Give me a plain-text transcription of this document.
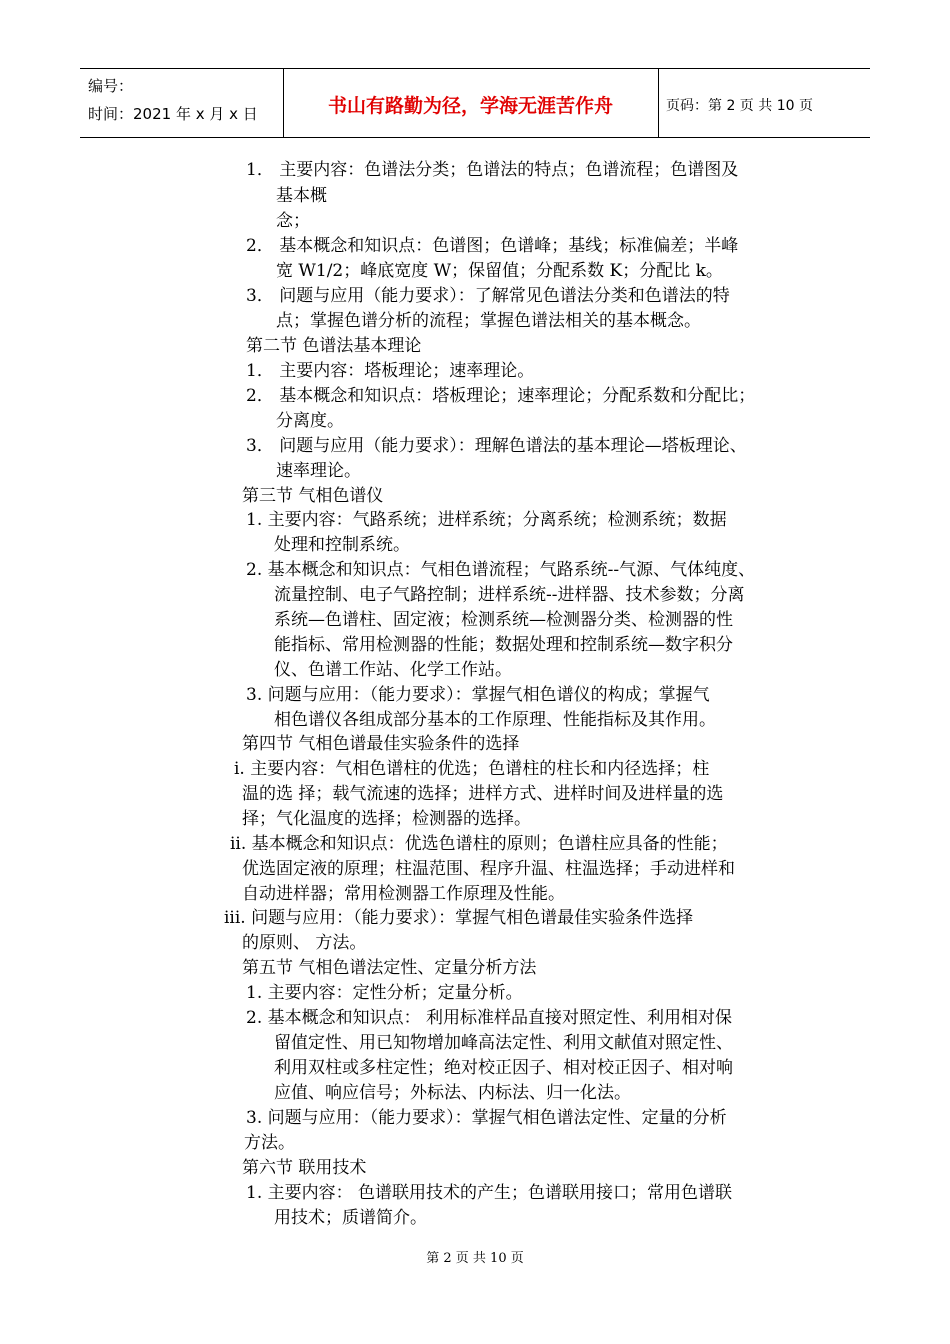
编号：
时间：2021 年 x 月 x 日	书山有路勤为径，学海无涯苦作舟	页码：第 2 页 共 10 页
1． 主要内容：色谱法分类；色谱法的特点；色谱流程；色谱图及
基本概
念；
2． 基本概念和知识点：色谱图；色谱峰；基线；标准偏差；半峰
宽 W1/2；峰底宽度 W；保留值；分配系数 K；分配比 k。
3． 问题与应用（能力要求）：了解常见色谱法分类和色谱法的特
点；掌握色谱分析的流程；掌握色谱法相关的基本概念。
第二节 色谱法基本理论
1． 主要内容：塔板理论；速率理论。
2． 基本概念和知识点：塔板理论；速率理论；分配系数和分配比；
分离度。
3． 问题与应用（能力要求）：理解色谱法的基本理论—塔板理论、
速率理论。
第三节 气相色谱仪
1. 主要内容：气路系统；进样系统；分离系统；检测系统；数据
处理和控制系统。
2. 基本概念和知识点：气相色谱流程；气路系统--气源、气体纯度、
流量控制、电子气路控制；进样系统--进样器、技术参数；分离
系统—色谱柱、固定液；检测系统—检测器分类、检测器的性
能指标、常用检测器的性能；数据处理和控制系统—数字积分
仪、色谱工作站、化学工作站。
3. 问题与应用：（能力要求）：掌握气相色谱仪的构成；掌握气
相色谱仪各组成部分基本的工作原理、性能指标及其作用。
第四节 气相色谱最佳实验条件的选择
i. 主要内容：气相色谱柱的优选；色谱柱的柱长和内径选择；柱
温的选 择；载气流速的选择；进样方式、进样时间及进样量的选
择；气化温度的选择；检测器的选择。
ii. 基本概念和知识点：优选色谱柱的原则；色谱柱应具备的性能；
优选固定液的原理；柱温范围、程序升温、柱温选择；手动进样和
自动进样器；常用检测器工作原理及性能。
iii. 问题与应用：（能力要求）：掌握气相色谱最佳实验条件选择
的原则、 方法。
第五节 气相色谱法定性、定量分析方法
1. 主要内容：定性分析；定量分析。
2. 基本概念和知识点： 利用标准样品直接对照定性、利用相对保
留值定性、用已知物增加峰高法定性、利用文献值对照定性、
利用双柱或多柱定性；绝对校正因子、相对校正因子、相对响
应值、响应信号；外标法、内标法、归一化法。
3. 问题与应用：（能力要求）：掌握气相色谱法定性、定量的分析
方法。
第六节 联用技术
1. 主要内容： 色谱联用技术的产生；色谱联用接口；常用色谱联
用技术；质谱简介。
第 2 页 共 10 页
